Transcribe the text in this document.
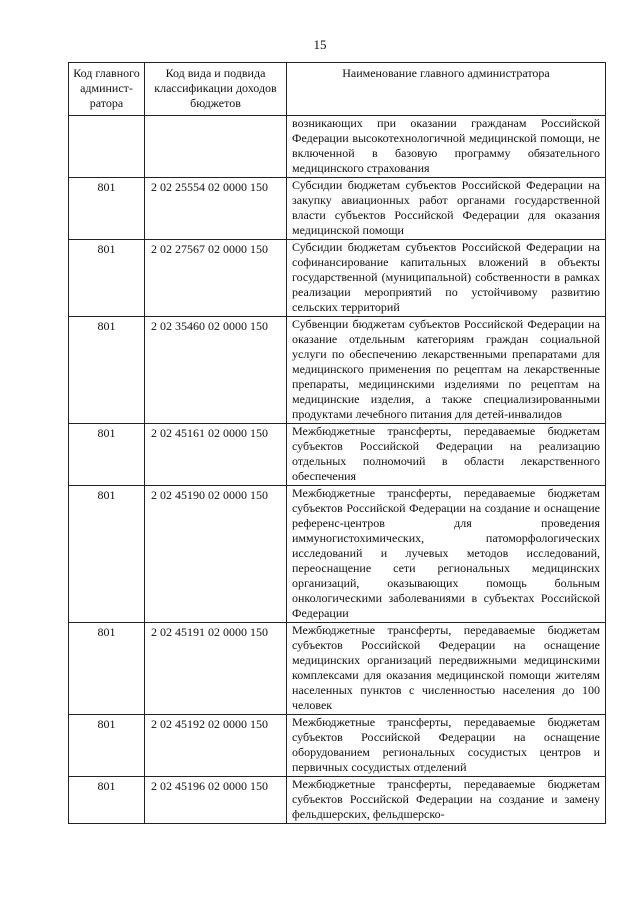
15
Код главного админист-ратора	Код вида и подвида классификации доходов бюджетов	Наименование главного администратора
		возникающих при оказании гражданам Российской Федерации высокотехнологичной медицинской помощи, не включенной в базовую программу обязательного медицинского страхования
801	2 02 25554 02 0000 150	Субсидии бюджетам субъектов Российской Федерации на закупку авиационных работ органами государственной власти субъектов Российской Федерации для оказания медицинской помощи
801	2 02 27567 02 0000 150	Субсидии бюджетам субъектов Российской Федерации на софинансирование капитальных вложений в объекты государственной (муниципальной) собственности в рамках реализации мероприятий по устойчивому развитию сельских территорий
801	2 02 35460 02 0000 150	Субвенции бюджетам субъектов Российской Федерации на оказание отдельным категориям граждан социальной услуги по обеспечению лекарственными препаратами для медицинского применения по рецептам на лекарственные препараты, медицинскими изделиями по рецептам на медицинские изделия, а также специализированными продуктами лечебного питания для детей-инвалидов
801	2 02 45161 02 0000 150	Межбюджетные трансферты, передаваемые бюджетам субъектов Российской Федерации на реализацию отдельных полномочий в области лекарственного обеспечения
801	2 02 45190 02 0000 150	Межбюджетные трансферты, передаваемые бюджетам субъектов Российской Федерации на создание и оснащение референс-центров для проведения иммуногистохимических, патоморфологических исследований и лучевых методов исследований, переоснащение сети региональных медицинских организаций, оказывающих помощь больным онкологическими заболеваниями в субъектах Российской Федерации
801	2 02 45191 02 0000 150	Межбюджетные трансферты, передаваемые бюджетам субъектов Российской Федерации на оснащение медицинских организаций передвижными медицинскими комплексами для оказания медицинской помощи жителям населенных пунктов с численностью населения до 100 человек
801	2 02 45192 02 0000 150	Межбюджетные трансферты, передаваемые бюджетам субъектов Российской Федерации на оснащение оборудованием региональных сосудистых центров и первичных сосудистых отделений
801	2 02 45196 02 0000 150	Межбюджетные трансферты, передаваемые бюджетам субъектов Российской Федерации на создание и замену фельдшерских, фельдшерско-
